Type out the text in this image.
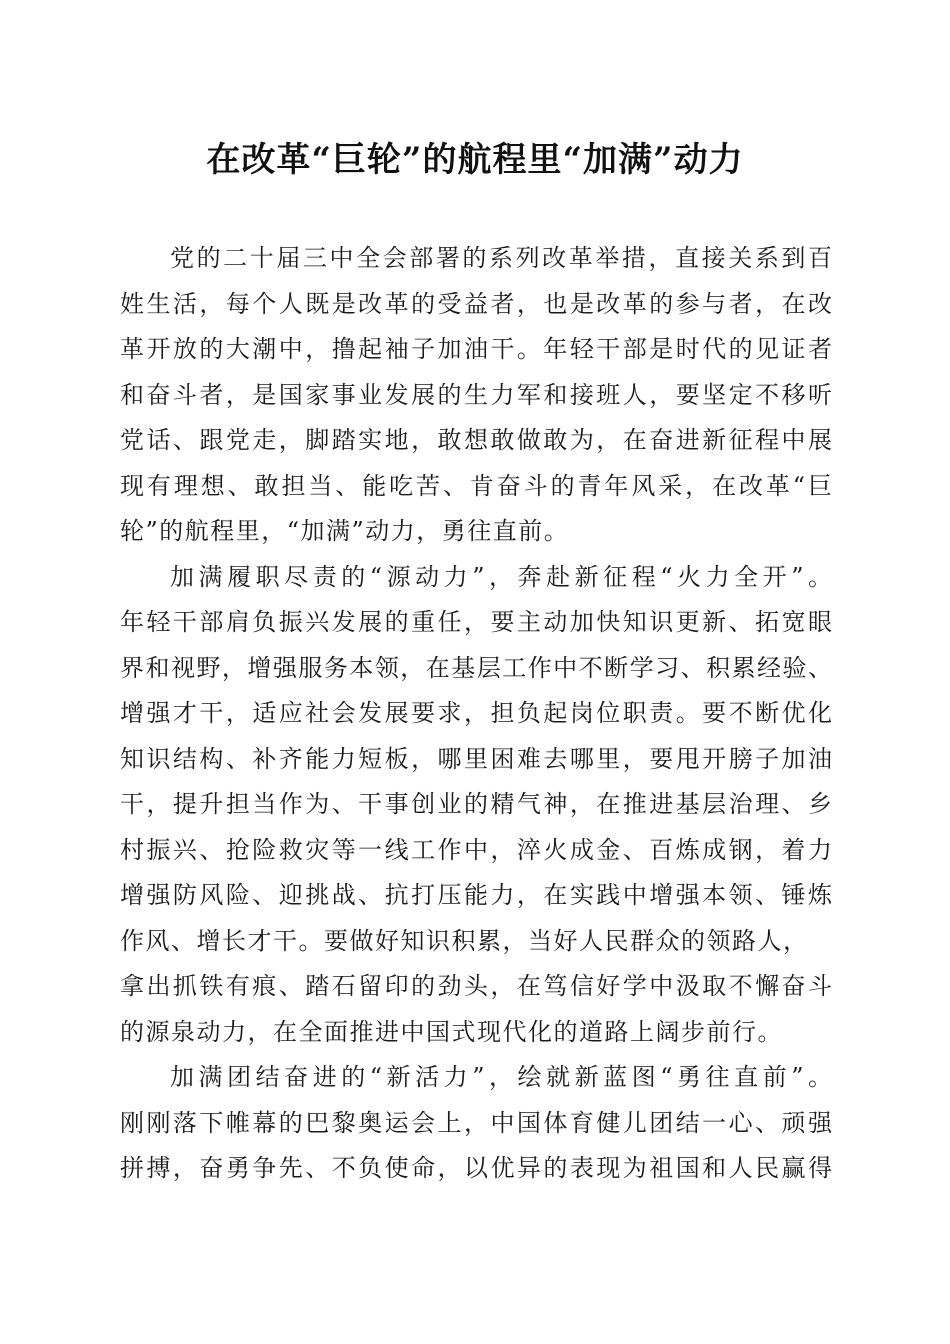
在改革“巨轮”的航程里“加满”动力
党的二十届三中全会部署的系列改革举措，直接关系到百
姓生活，每个人既是改革的受益者，也是改革的参与者，在改
革开放的大潮中，撸起袖子加油干。年轻干部是时代的见证者
和奋斗者，是国家事业发展的生力军和接班人，要坚定不移听
党话、跟党走，脚踏实地，敢想敢做敢为，在奋进新征程中展
现有理想、敢担当、能吃苦、肯奋斗的青年风采，在改革“巨
轮”的航程里，“加满”动力，勇往直前。
加满履职尽责的“源动力”，奔赴新征程“火力全开”。
年轻干部肩负振兴发展的重任，要主动加快知识更新、拓宽眼
界和视野，增强服务本领，在基层工作中不断学习、积累经验、
增强才干，适应社会发展要求，担负起岗位职责。要不断优化
知识结构、补齐能力短板，哪里困难去哪里，要甩开膀子加油
干，提升担当作为、干事创业的精气神，在推进基层治理、乡
村振兴、抢险救灾等一线工作中，淬火成金、百炼成钢，着力
增强防风险、迎挑战、抗打压能力，在实践中增强本领、锤炼
作风、增长才干。要做好知识积累，当好人民群众的领路人，
拿出抓铁有痕、踏石留印的劲头，在笃信好学中汲取不懈奋斗
的源泉动力，在全面推进中国式现代化的道路上阔步前行。
加满团结奋进的“新活力”，绘就新蓝图“勇往直前”。
刚刚落下帷幕的巴黎奥运会上，中国体育健儿团结一心、顽强
拼搏，奋勇争先、不负使命，以优异的表现为祖国和人民赢得
